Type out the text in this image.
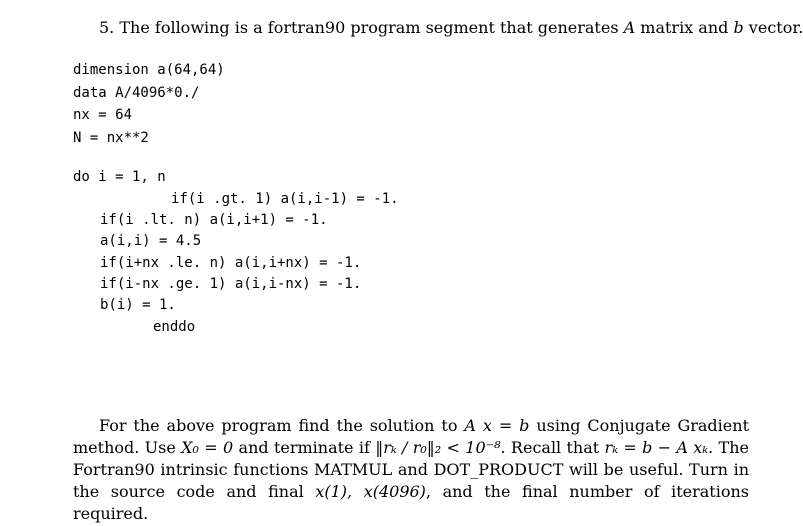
5. The following is a fortran90 program segment that generates A matrix and b vector.
dimension a(64,64)
data A/4096*0./
nx = 64
N = nx**2
do i = 1, n
if(i .gt. 1) a(i,i-1) = -1.
if(i .lt. n) a(i,i+1) = -1.
a(i,i) = 4.5
if(i+nx .le. n) a(i,i+nx) = -1.
if(i-nx .ge. 1) a(i,i-nx) = -1.
b(i) = 1.
enddo

For the above program find the solution to A x = b using Conjugate Gradient method. Use X₀ = 0 and terminate if ‖rₖ / r₀‖₂ < 10⁻⁸. Recall that rₖ = b − A xₖ. The Fortran90 intrinsic functions MATMUL and DOT_PRODUCT will be useful. Turn in the source code and final x(1), x(4096), and the final number of iterations required.
